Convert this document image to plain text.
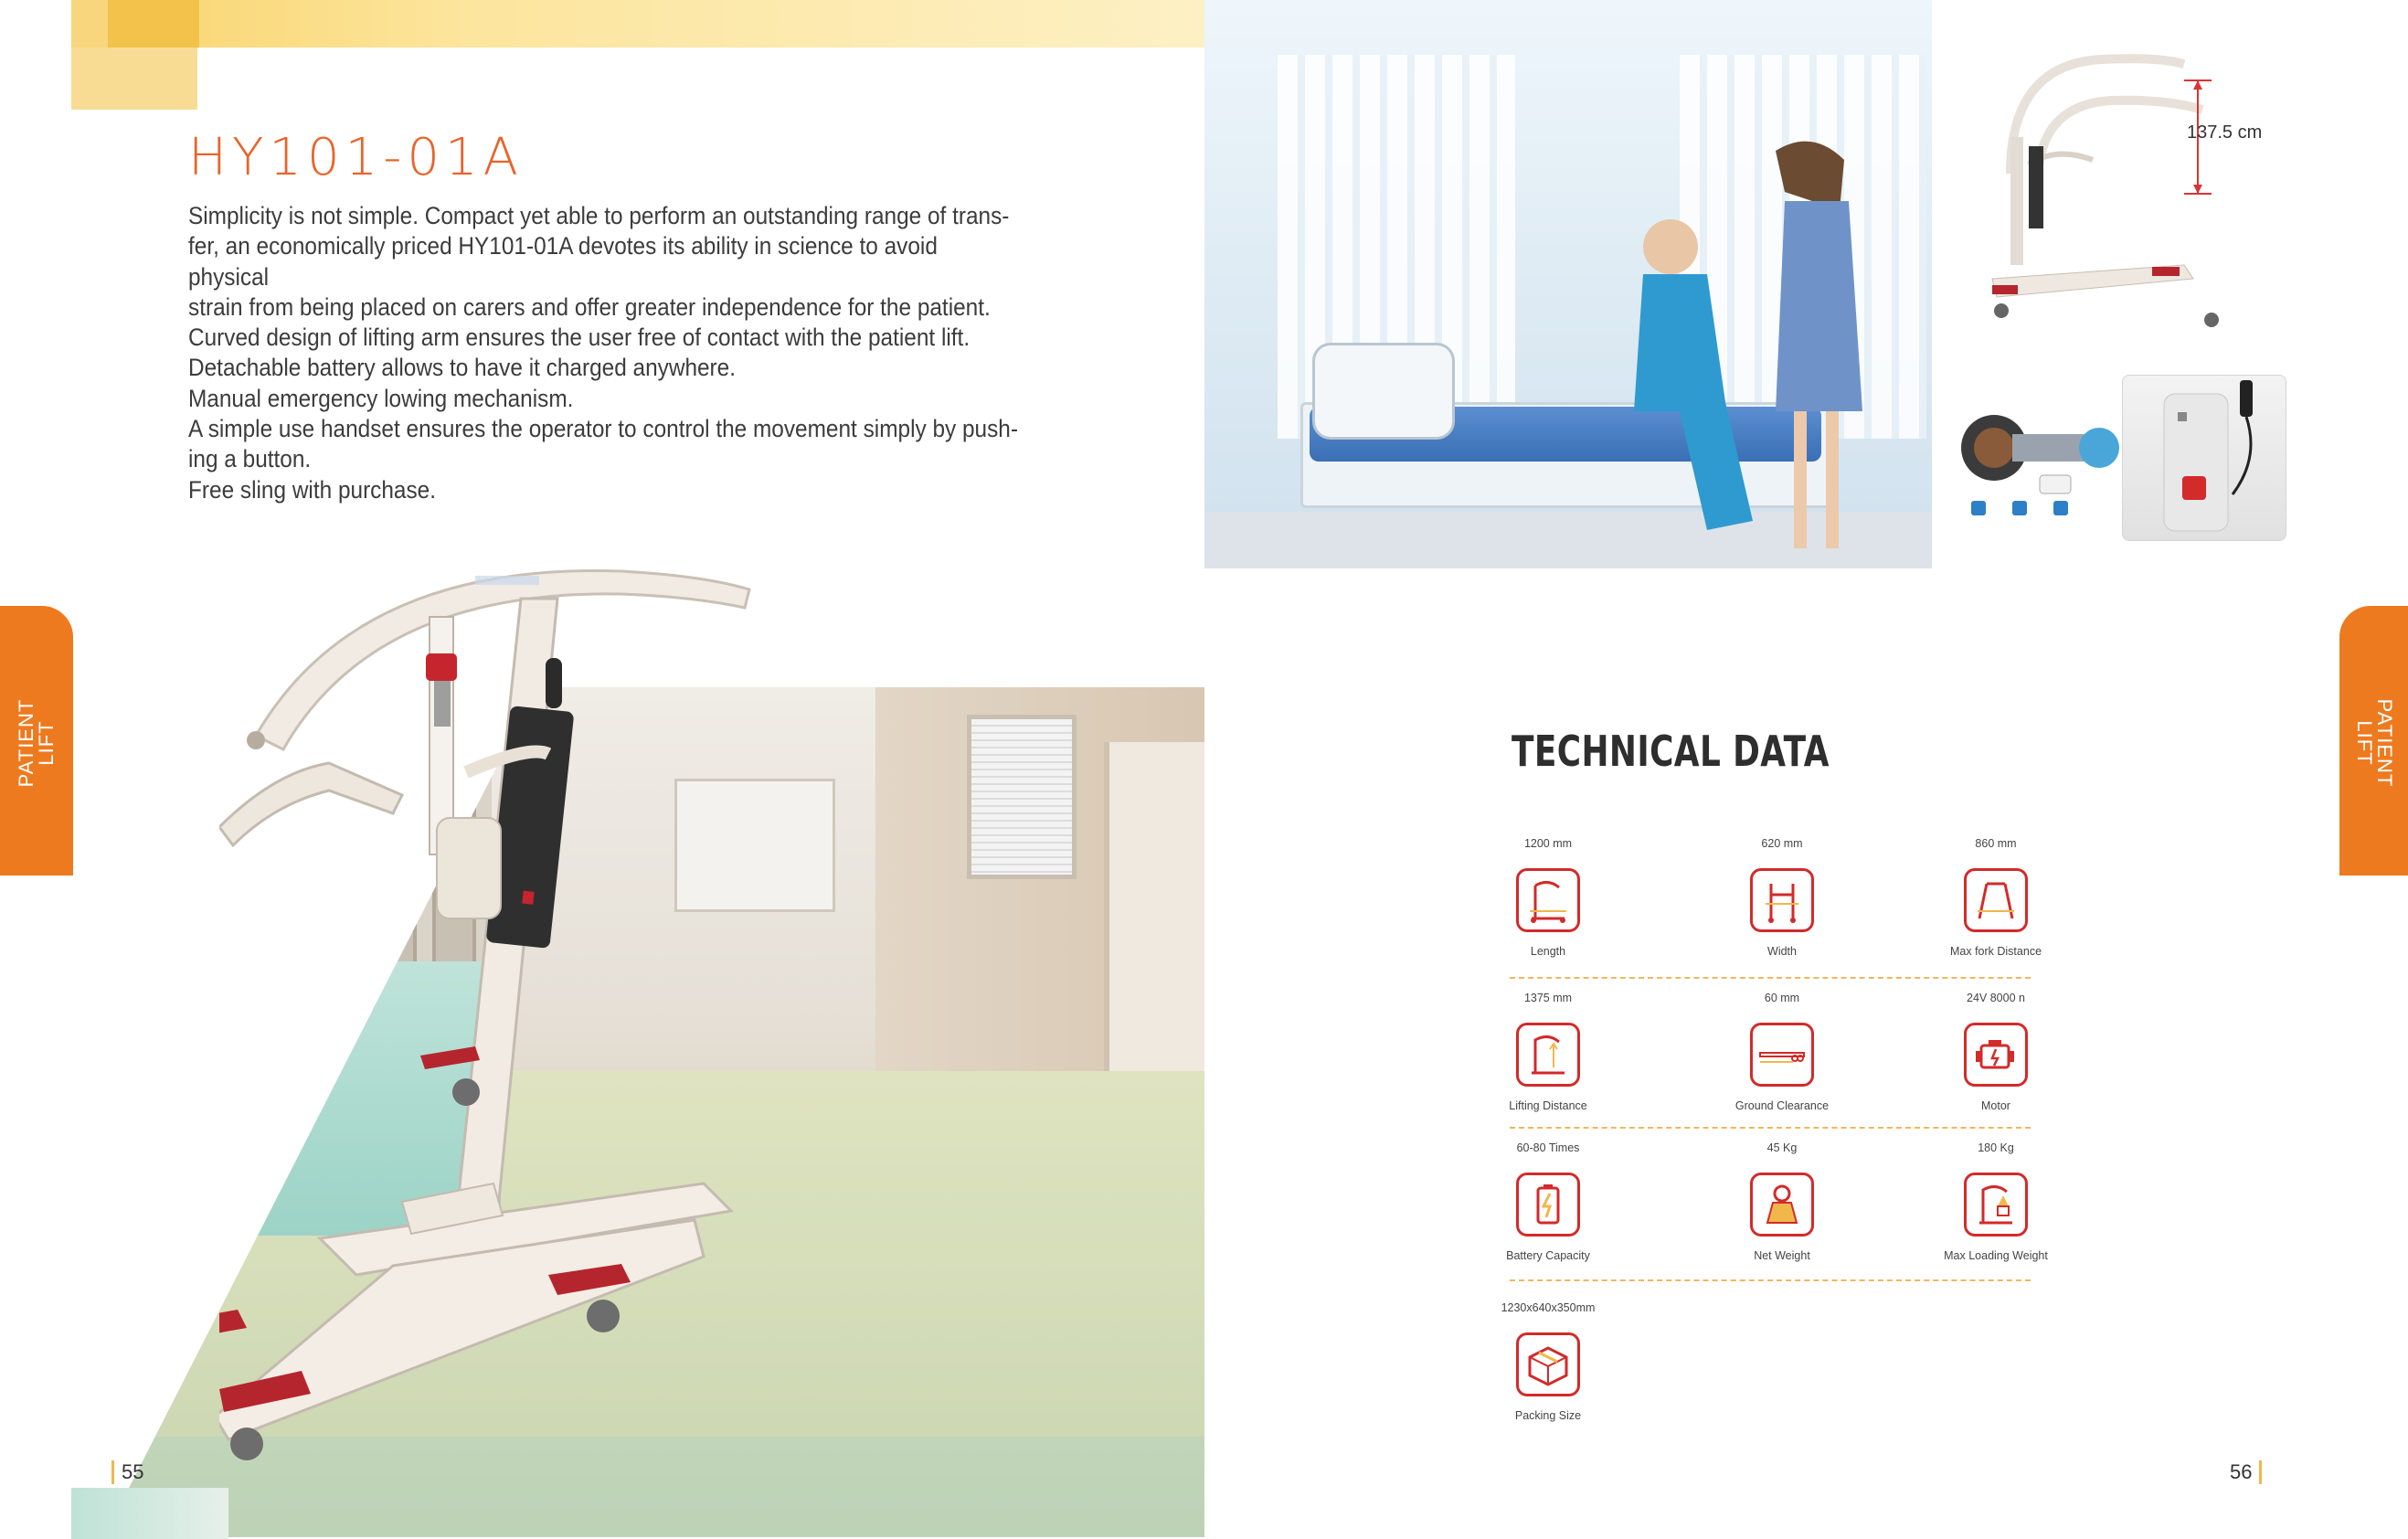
HY101-01A

Simplicity is not simple. Compact yet able to perform an outstanding range of trans-

fer, an economically priced HY101-01A devotes its ability in science to avoid physical

strain from being placed on carers and offer greater independence for the patient.

Curved design of lifting arm ensures the user free of contact with the patient lift.

Detachable battery allows to have it charged anywhere.

Manual emergency lowing mechanism.

A simple use handset ensures the operator to control the movement simply by push-

ing a button.

Free sling with purchase.

PATIENT
LIFT	PATIENT
LIFT
137.5 cm
TECHNICAL DATA
1200 mm
Length
620 mm
Width
860 mm
Max fork Distance
1375 mm
Lifting Distance
60 mm
Ground Clearance
24V 8000 n
Motor
60-80 Times
Battery Capacity
45 Kg
Net Weight
180 Kg
Max Loading Weight
1230x640x350mm
Packing Size
55	56
